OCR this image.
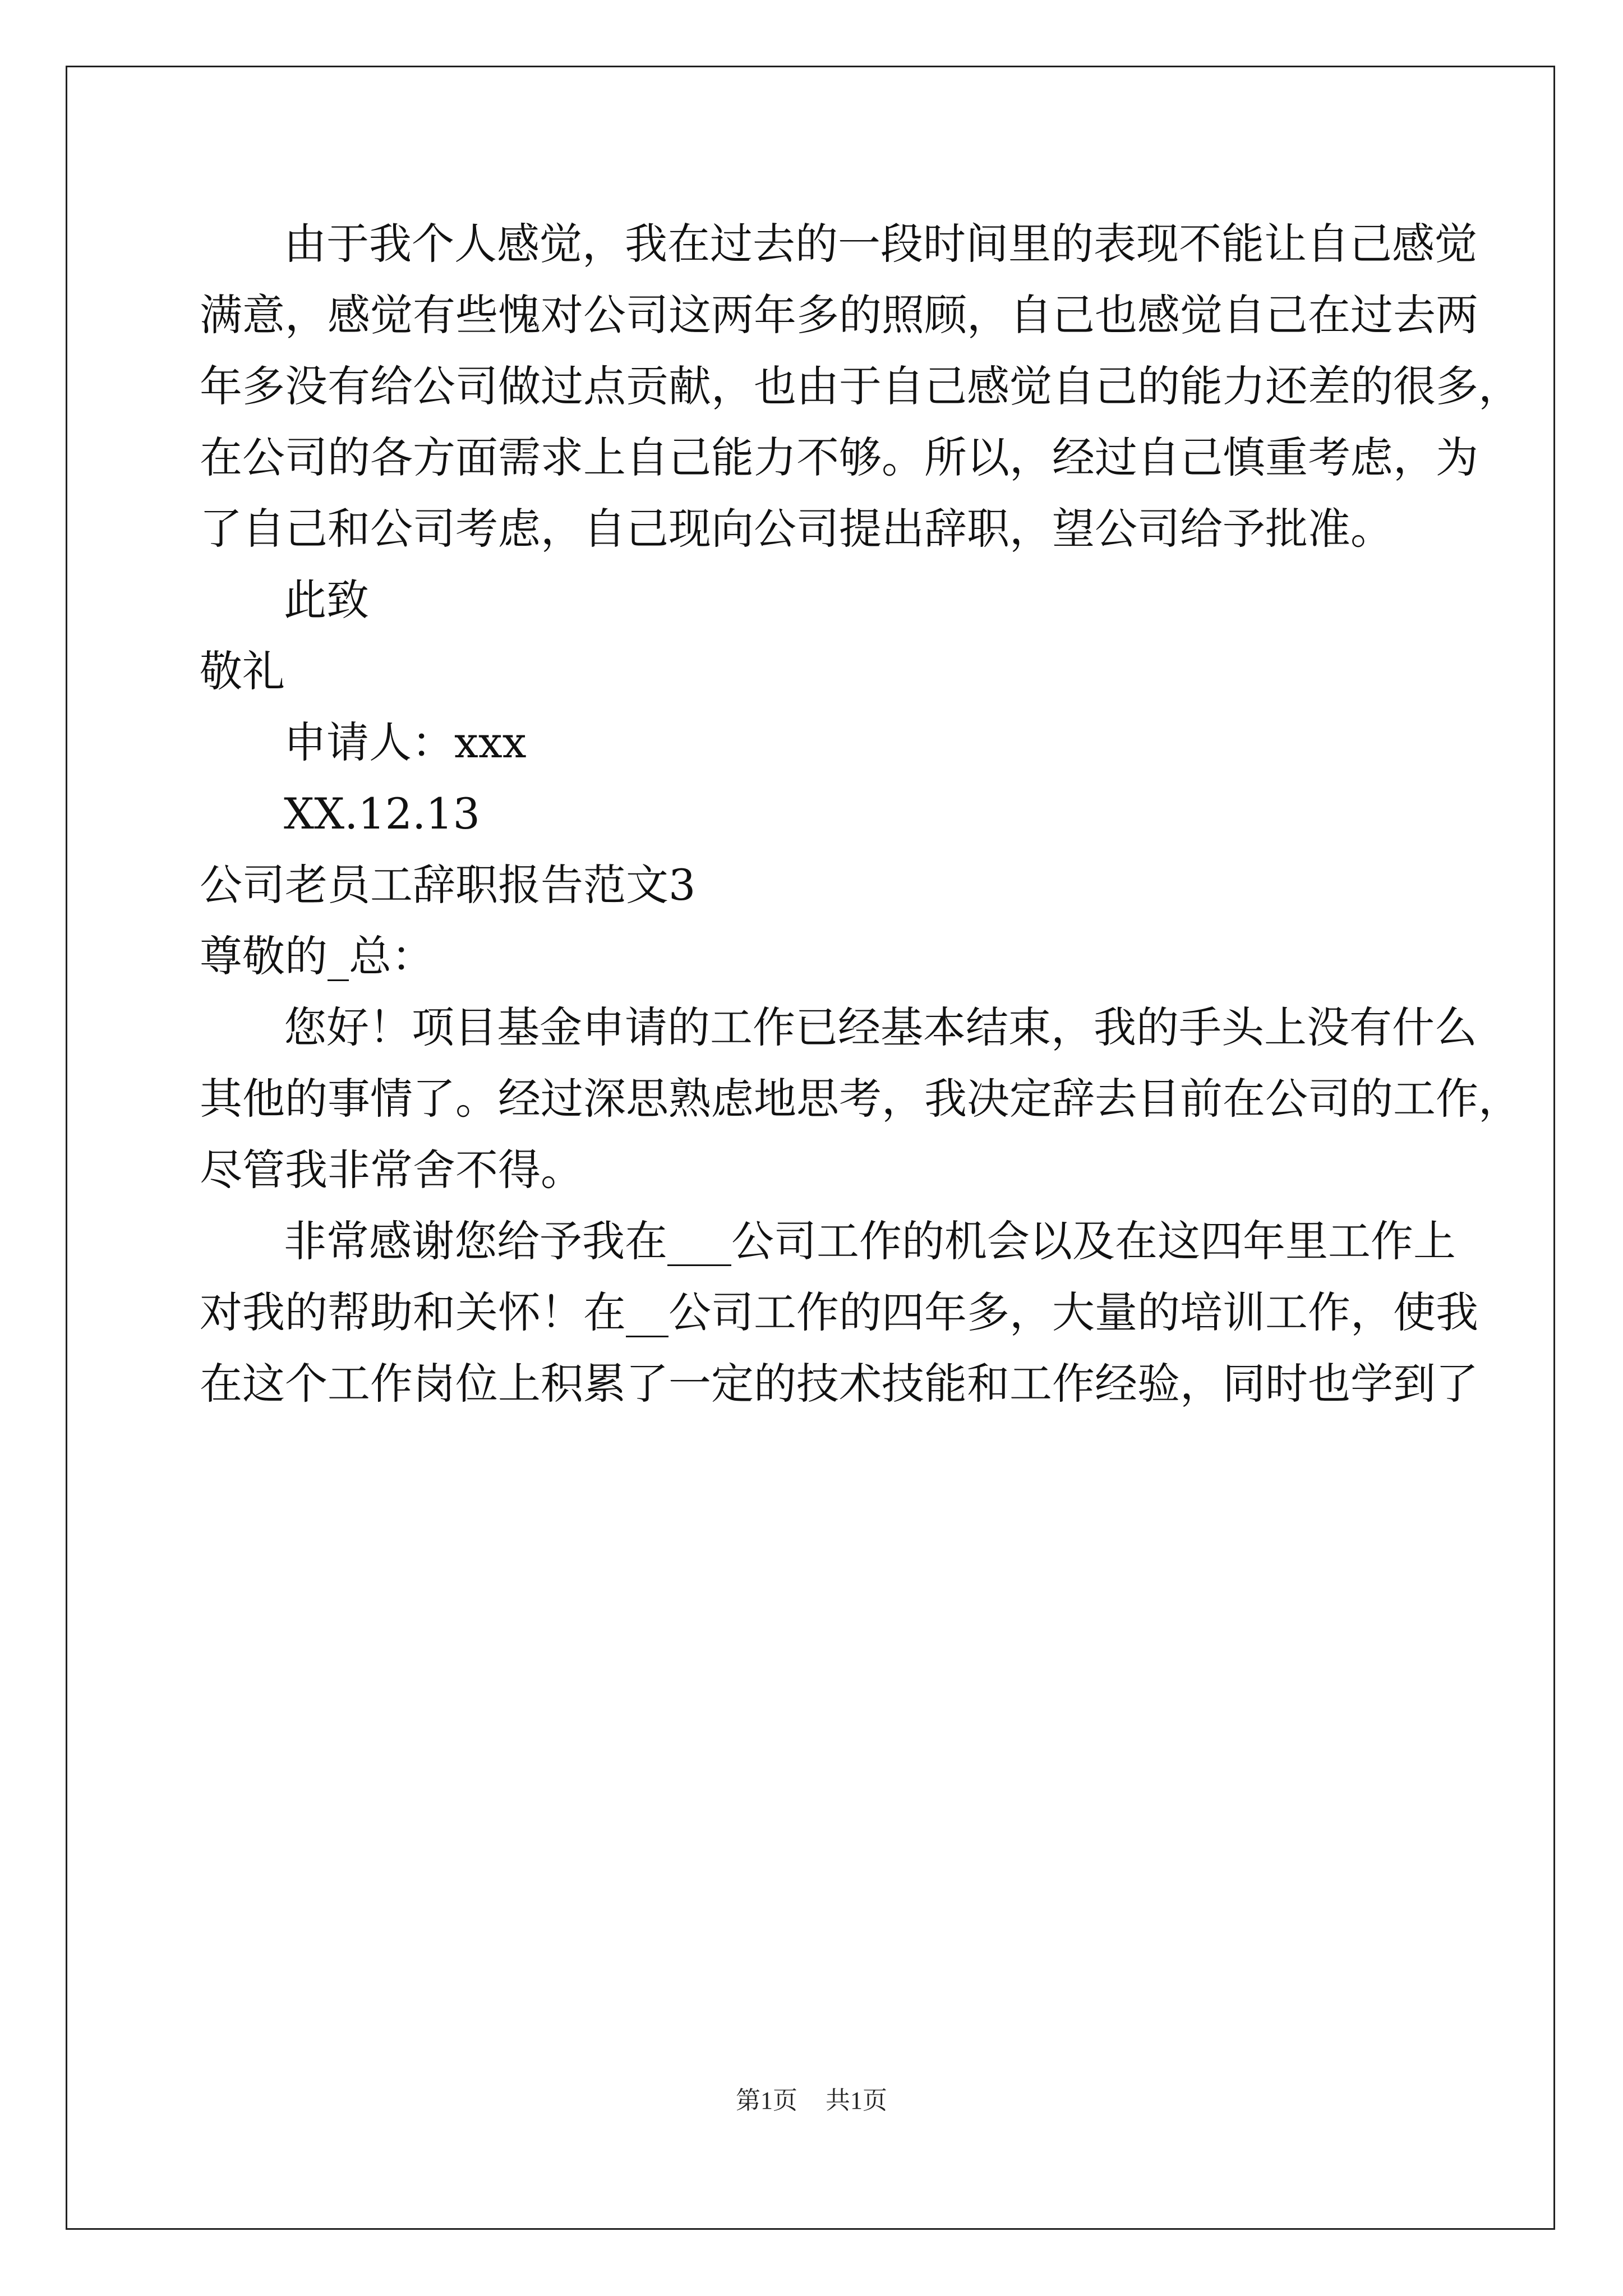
由于我个人感觉，我在过去的一段时间里的表现不能让自己感觉
满意，感觉有些愧对公司这两年多的照顾，自己也感觉自己在过去两
年多没有给公司做过点贡献，也由于自己感觉自己的能力还差的很多，
在公司的各方面需求上自己能力不够。所以，经过自己慎重考虑，为
了自己和公司考虑，自己现向公司提出辞职，望公司给予批准。
此致
敬礼
申请人：xxx
XX.12.13
公司老员工辞职报告范文3
尊敬的_总：
您好！项目基金申请的工作已经基本结束，我的手头上没有什么
其他的事情了。经过深思熟虑地思考，我决定辞去目前在公司的工作，
尽管我非常舍不得。
非常感谢您给予我在___公司工作的机会以及在这四年里工作上
对我的帮助和关怀！在__公司工作的四年多，大量的培训工作，使我
在这个工作岗位上积累了一定的技术技能和工作经验，同时也学到了
第1页 共1页
